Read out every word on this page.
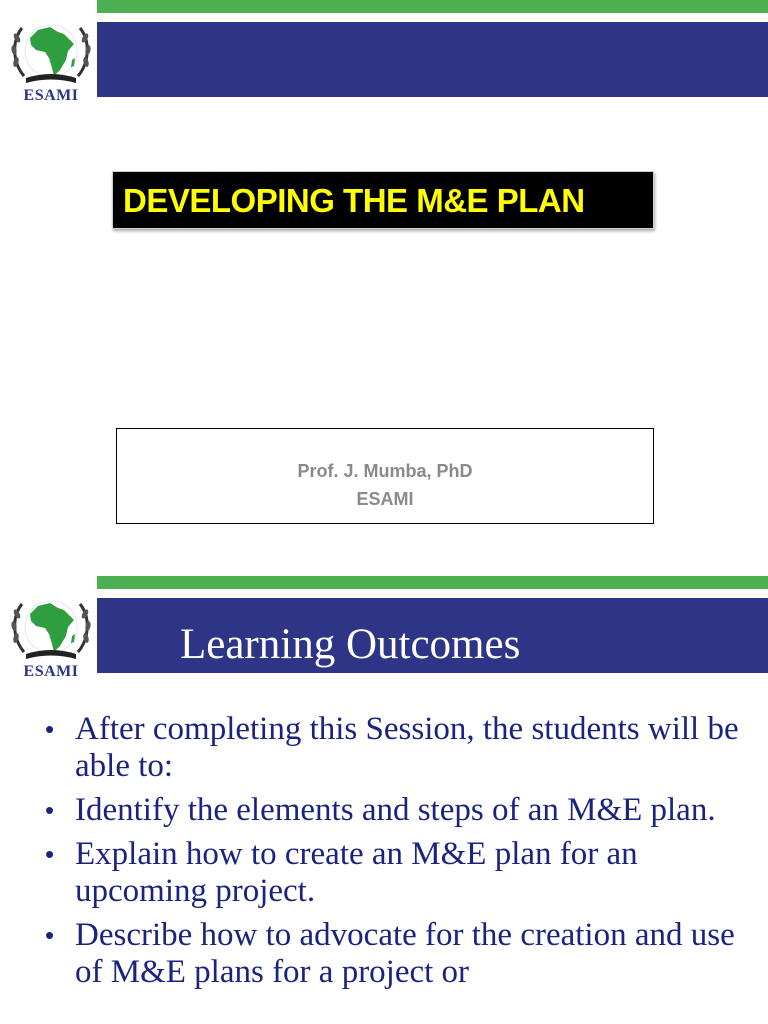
ESAMI
DEVELOPING THE M&E PLAN
Prof. J. Mumba, PhD
ESAMI
ESAMI
Learning Outcomes
• After completing this Session, the students will be able to:
• Identify the elements and steps of an M&E plan.
• Explain how to create an M&E plan for an upcoming project.
• Describe how to advocate for the creation and use of M&E plans for a project or
